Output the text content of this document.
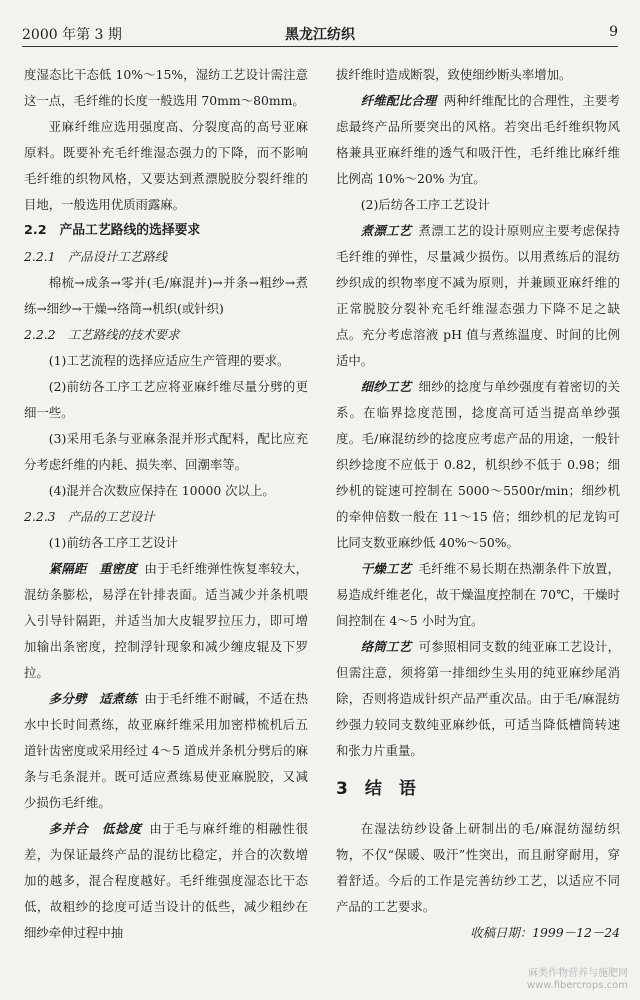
2000 年第 3 期	黑龙江纺织	9

度湿态比干态低 10%～15%，湿纺工艺设计需注意这一点，毛纤维的长度一般选用 70mm～80mm。

亚麻纤维应选用强度高、分裂度高的高号亚麻原料。既要补充毛纤维湿态强力的下降，而不影响毛纤维的织物风格，又要达到煮漂脱胶分裂纤维的目地，一般选用优质雨露麻。

2.2　产品工艺路线的选择要求

2.2.1　产品设计工艺路线

棉梳→成条→零并(毛/麻混并)→并条→粗纱→煮练→细纱→干燥→络筒→机织(或针织)

2.2.2　工艺路线的技术要求

(1)工艺流程的选择应适应生产管理的要求。

(2)前纺各工序工艺应将亚麻纤维尽量分劈的更细一些。

(3)采用毛条与亚麻条混并形式配料，配比应充分考虑纤维的内耗、损失率、回潮率等。

(4)混并合次数应保持在 10000 次以上。

2.2.3　产品的工艺设计

(1)前纺各工序工艺设计

紧隔距　重密度 由于毛纤维弹性恢复率较大，混纺条膨松，易浮在针排表面。适当减少并条机喂入引导针隔距，并适当加大皮辊罗拉压力，即可增加输出条密度，控制浮针现象和减少缠皮辊及下罗拉。

多分劈　适煮练 由于毛纤维不耐碱，不适在热水中长时间煮练，故亚麻纤维采用加密栉梳机后五道针齿密度或采用经过 4～5 道成并条机分劈后的麻条与毛条混并。既可适应煮练易使亚麻脱胶，又减少损伤毛纤维。

多并合　低捻度 由于毛与麻纤维的相融性很差，为保证最终产品的混纺比稳定，并合的次数增加的越多，混合程度越好。毛纤维强度湿态比干态低，故粗纱的捻度可适当设计的低些，减少粗纱在细纱牵伸过程中抽

拔纤维时造成断裂，致使细纱断头率增加。

纤维配比合理 两种纤维配比的合理性，主要考虑最终产品所要突出的风格。若突出毛纤维织物风格兼具亚麻纤维的透气和吸汗性，毛纤维比麻纤维比例高 10%～20% 为宜。

(2)后纺各工序工艺设计

煮漂工艺 煮漂工艺的设计原则应主要考虑保持毛纤维的弹性，尽量减少损伤。以用煮练后的混纺纱织成的织物率度不减为原则，并兼顾亚麻纤维的正常脱胶分裂补充毛纤维湿态强力下降不足之缺点。充分考虑溶液 pH 值与煮练温度、时间的比例适中。

细纱工艺 细纱的捻度与单纱强度有着密切的关系。在临界捻度范围，捻度高可适当提高单纱强度。毛/麻混纺纱的捻度应考虑产品的用途，一般针织纱捻度不应低于 0.82，机织纱不低于 0.98；细纱机的锭速可控制在 5000～5500r/min；细纱机的牵伸倍数一般在 11～15 倍；细纱机的尼龙钩可比同支数亚麻纱低 40%～50%。

干燥工艺 毛纤维不易长期在热潮条件下放置，易造成纤维老化，故干燥温度控制在 70℃，干燥时间控制在 4～5 小时为宜。

络筒工艺 可参照相同支数的纯亚麻工艺设计，但需注意，须将第一排细纱生头用的纯亚麻纱尾消除，否则将造成针织产品严重次品。由于毛/麻混纺纱强力较同支数纯亚麻纱低，可适当降低槽筒转速和张力片重量。

3　结　语

在湿法纺纱设备上研制出的毛/麻混纺湿纺织物，不仅“保暖、吸汗”性突出，而且耐穿耐用，穿着舒适。今后的工作是完善纺纱工艺，以适应不同产品的工艺要求。

收稿日期：1999－12－24

麻类作物营养与施肥网
www.fibercrops.com
